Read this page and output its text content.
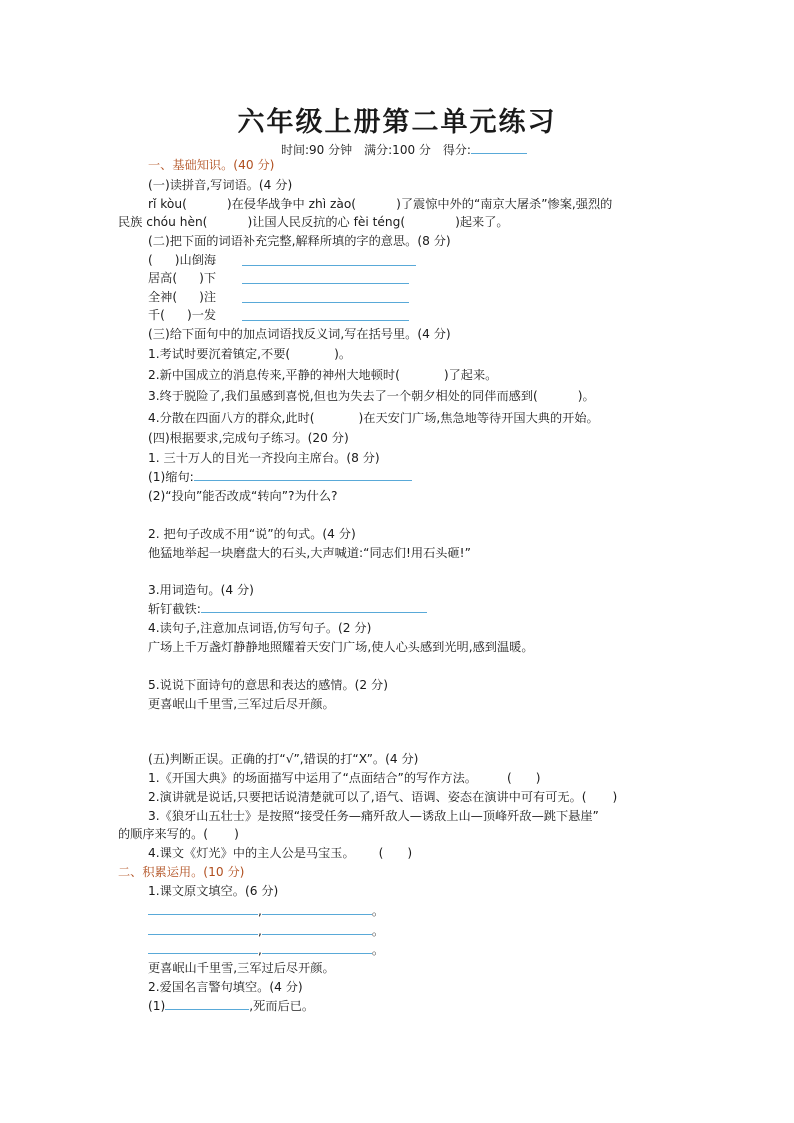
六年级上册第二单元练习
时间:90 分钟 满分:100 分 得分:
一、基础知识。(40 分)
(一)读拼音,写词语。(4 分)
rǐ kòu(	)在侵华战争中 zhì zào(	)了震惊中外的“南京大屠杀”惨案,强烈的
民族 chóu hèn(	)让国人民反抗的心 fèi téng(	)起来了。
(二)把下面的词语补充完整,解释所填的字的意思。(8 分)
( )山倒海
居高( )下
全神( )注
千( )一发
(三)给下面句中的加点词语找反义词,写在括号里。(4 分)
1.考试时要沉着镇定,不要(	)。
2.新中国成立的消息传来,平静的神州大地顿时(	)了起来。
3.终于脱险了,我们虽感到喜悦,但也为失去了一个朝夕相处的同伴而感到(	)。
4.分散在四面八方的群众,此时(	)在天安门广场,焦急地等待开国大典的开始。
(四)根据要求,完成句子练习。(20 分)
1. 三十万人的目光一齐投向主席台。(8 分)
(1)缩句:
(2)“投向”能否改成“转向”?为什么?
2. 把句子改成不用“说”的句式。(4 分)
他猛地举起一块磨盘大的石头,大声喊道:“同志们!用石头砸!”
3.用词造句。(4 分)
斩钉截铁:
4.读句子,注意加点词语,仿写句子。(2 分)
广场上千万盏灯静静地照耀着天安门广场,使人心头感到光明,感到温暖。
5.说说下面诗句的意思和表达的感情。(2 分)
更喜岷山千里雪,三军过后尽开颜。
(五)判断正误。正确的打“√”,错误的打“X”。(4 分)
1.《开国大典》的场面描写中运用了“点面结合”的写作方法。 ( )
2.演讲就是说话,只要把话说清楚就可以了,语气、语调、姿态在演讲中可有可无。( )
3.《狼牙山五壮士》是按照“接受任务—痛歼敌人—诱敌上山—顶峰歼敌—跳下悬崖”
的顺序来写的。( )
4.课文《灯光》中的主人公是马宝玉。 ( )
二、积累运用。(10 分)
1.课文原文填空。(6 分)
,	。
,	。
,	。
更喜岷山千里雪,三军过后尽开颜。
2.爱国名言警句填空。(4 分)
(1)	,死而后已。
